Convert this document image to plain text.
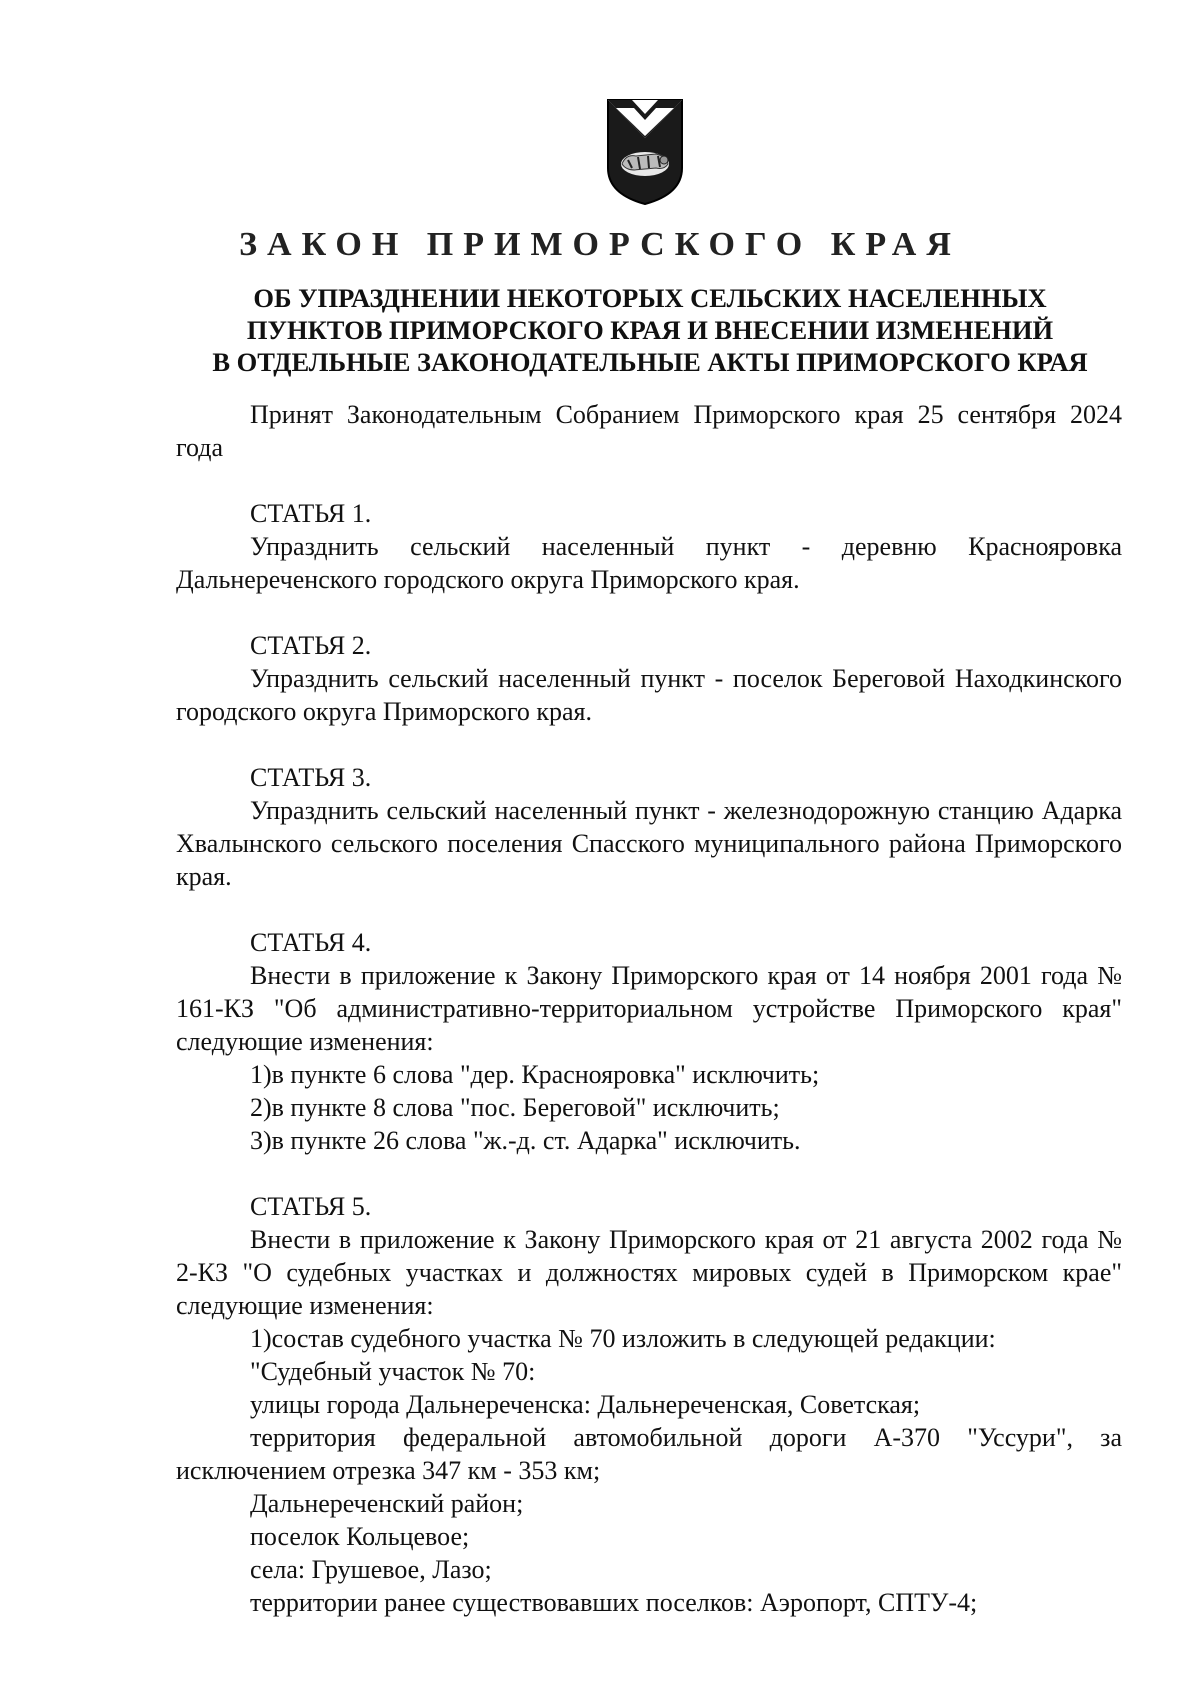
ЗАКОН ПРИМОРСКОГО КРАЯ
ОБ УПРАЗДНЕНИИ НЕКОТОРЫХ СЕЛЬСКИХ НАСЕЛЕННЫХ
ПУНКТОВ ПРИМОРСКОГО КРАЯ И ВНЕСЕНИИ ИЗМЕНЕНИЙ
В ОТДЕЛЬНЫЕ ЗАКОНОДАТЕЛЬНЫЕ АКТЫ ПРИМОРСКОГО КРАЯ

Принят Законодательным Собранием Приморского края 25 сентября 2024 года

СТАТЬЯ 1.

Упразднить сельский населенный пункт - деревню Краснояровка Дальнереченского городского округа Приморского края.

СТАТЬЯ 2.

Упразднить сельский населенный пункт - поселок Береговой Находкинского городского округа Приморского края.

СТАТЬЯ 3.

Упразднить сельский населенный пункт - железнодорожную станцию Адарка Хвалынского сельского поселения Спасского муниципального района Приморского края.

СТАТЬЯ 4.

Внести в приложение к Закону Приморского края от 14 ноября 2001 года № 161-КЗ "Об административно-территориальном устройстве Приморского края" следующие изменения:

1)в пункте 6 слова "дер. Краснояровка" исключить;

2)в пункте 8 слова "пос. Береговой" исключить;

3)в пункте 26 слова "ж.-д. ст. Адарка" исключить.

СТАТЬЯ 5.

Внести в приложение к Закону Приморского края от 21 августа 2002 года № 2-КЗ "О судебных участках и должностях мировых судей в Приморском крае" следующие изменения:

1)состав судебного участка № 70 изложить в следующей редакции:

"Судебный участок № 70:

улицы города Дальнереченска: Дальнереченская, Советская;

территория федеральной автомобильной дороги А-370 "Уссури", за исключением отрезка 347 км - 353 км;

Дальнереченский район;

поселок Кольцевое;

села: Грушевое, Лазо;

территории ранее существовавших поселков: Аэропорт, СПТУ-4;
